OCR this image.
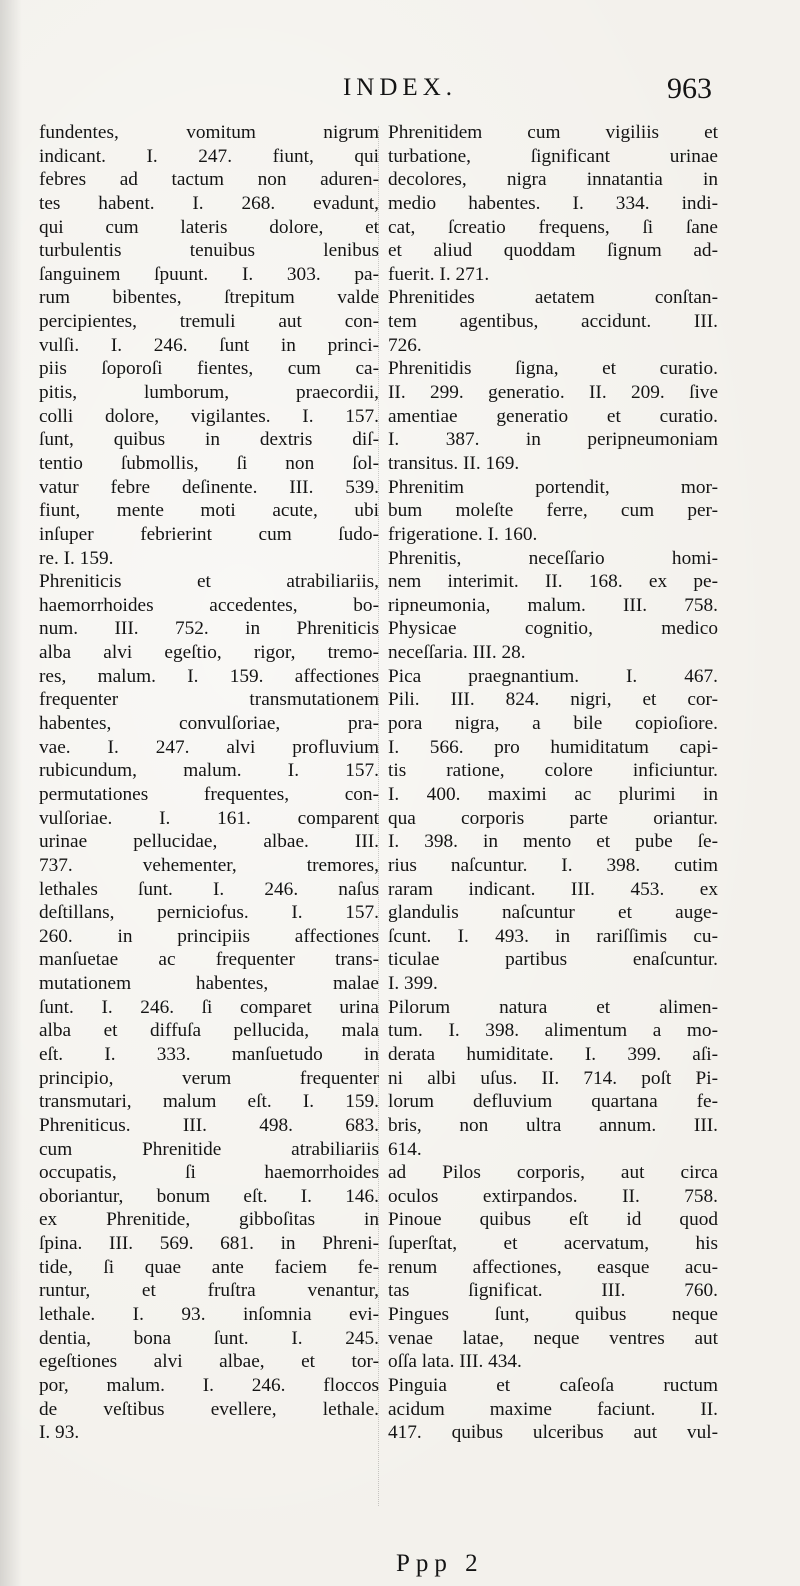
INDEX.	963
fundentes, vomitum nigrum
indicant. I. 247. fiunt, qui
febres ad tactum non aduren-
tes habent. I. 268. evadunt,
qui cum lateris dolore, et
turbulentis tenuibus lenibus
ſanguinem ſpuunt. I. 303. pa-
rum bibentes, ſtrepitum valde
percipientes, tremuli aut con-
vulſi. I. 246. ſunt in princi-
piis ſoporoſi fientes, cum ca-
pitis, lumborum, praecordii,
colli dolore, vigilantes. I. 157.
ſunt, quibus in dextris diſ-
tentio ſubmollis, ſi non ſol-
vatur febre deſinente. III. 539.
fiunt, mente moti acute, ubi
inſuper febrierint cum ſudo-
re. I. 159.
Phreniticis et atrabiliariis,
haemorrhoides accedentes, bo-
num. III. 752. in Phreniticis
alba alvi egeſtio, rigor, tremo-
res, malum. I. 159. affectiones
frequenter transmutationem
habentes, convulſoriae, pra-
vae. I. 247. alvi profluvium
rubicundum, malum. I. 157.
permutationes frequentes, con-
vulſoriae. I. 161. comparent
urinae pellucidae, albae. III.
737. vehementer, tremores,
lethales ſunt. I. 246. naſus
deſtillans, perniciofus. I. 157.
260. in principiis affectiones
manſuetae ac frequenter trans-
mutationem habentes, malae
ſunt. I. 246. ſi comparet urina
alba et diffuſa pellucida, mala
eſt. I. 333. manſuetudo in
principio, verum frequenter
transmutari, malum eſt. I. 159.
Phreniticus. III. 498. 683.
cum Phrenitide atrabiliariis
occupatis, ſi haemorrhoides
oboriantur, bonum eſt. I. 146.
ex Phrenitide, gibboſitas in
ſpina. III. 569. 681. in Phreni-
tide, ſi quae ante faciem fe-
runtur, et fruſtra venantur,
lethale. I. 93. inſomnia evi-
dentia, bona ſunt. I. 245.
egeſtiones alvi albae, et tor-
por, malum. I. 246. floccos
de veſtibus evellere, lethale.
I. 93.
Phrenitidem cum vigiliis et
turbatione, ſignificant urinae
decolores, nigra innatantia in
medio habentes. I. 334. indi-
cat, ſcreatio frequens, ſi ſane
et aliud quoddam ſignum ad-
fuerit. I. 271.
Phrenitides aetatem conſtan-
tem agentibus, accidunt. III.
726.
Phrenitidis ſigna, et curatio.
II. 299. generatio. II. 209. ſive
amentiae generatio et curatio.
I. 387. in peripneumoniam
transitus. II. 169.
Phrenitim portendit, mor-
bum moleſte ferre, cum per-
frigeratione. I. 160.
Phrenitis, neceſſario homi-
nem interimit. II. 168. ex pe-
ripneumonia, malum. III. 758.
Physicae cognitio, medico
neceſſaria. III. 28.
Pica praegnantium. I. 467.
Pili. III. 824. nigri, et cor-
pora nigra, a bile copioſiore.
I. 566. pro humiditatum capi-
tis ratione, colore inficiuntur.
I. 400. maximi ac plurimi in
qua corporis parte oriantur.
I. 398. in mento et pube ſe-
rius naſcuntur. I. 398. cutim
raram indicant. III. 453. ex
glandulis naſcuntur et auge-
ſcunt. I. 493. in rariſſimis cu-
ticulae partibus enaſcuntur.
I. 399.
Pilorum natura et alimen-
tum. I. 398. alimentum a mo-
derata humiditate. I. 399. aſi-
ni albi uſus. II. 714. poſt Pi-
lorum defluvium quartana fe-
bris, non ultra annum. III.
614.
ad Pilos corporis, aut circa
oculos extirpandos. II. 758.
Pinoue quibus eſt id quod
ſuperſtat, et acervatum, his
renum affectiones, easque acu-
tas ſignificat. III. 760.
Pingues ſunt, quibus neque
venae latae, neque ventres aut
oſſa lata. III. 434.
Pinguia et caſeoſa ructum
acidum maxime faciunt. II.
417. quibus ulceribus aut vul-
Ppp 2
